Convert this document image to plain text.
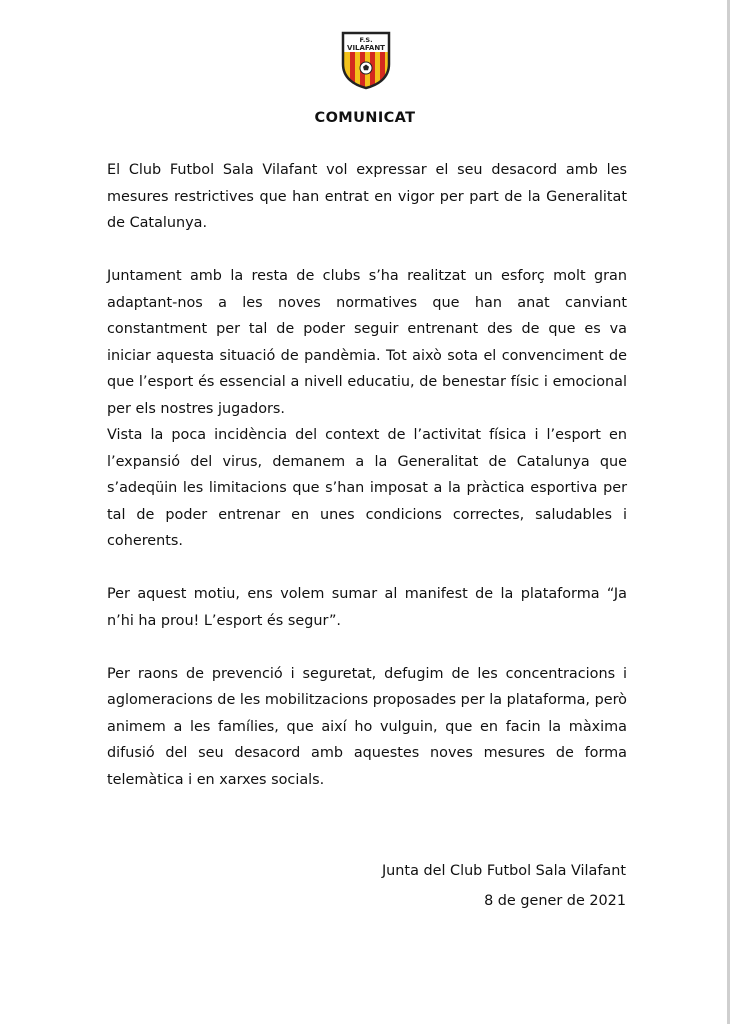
F.S.
VILAFANT
COMUNICAT

El Club Futbol Sala Vilafant vol expressar el seu desacord amb les mesures restrictives que han entrat en vigor per part de la Generalitat de Catalunya.

Juntament amb la resta de clubs s’ha realitzat un esforç molt gran adaptant-nos a les noves normatives que han anat canviant constantment per tal de poder seguir entrenant des de que es va iniciar aquesta situació de pandèmia. Tot això sota el convenciment de que l’esport és essencial a nivell educatiu, de benestar físic i emocional per els nostres jugadors.

Vista la poca incidència del context de l’activitat física i l’esport en l’expansió del virus, demanem a la Generalitat de Catalunya que s’adeqüin les limitacions que s’han imposat a la pràctica esportiva per tal de poder entrenar en unes condicions correctes, saludables i coherents.

Per aquest motiu, ens volem sumar al manifest de la plataforma “Ja n’hi ha prou! L’esport és segur”.

Per raons de prevenció i seguretat, defugim de les concentracions i aglomeracions de les mobilitzacions proposades per la plataforma, però animem a les famílies, que així ho vulguin, que en facin la màxima difusió del seu desacord amb aquestes noves mesures de forma telemàtica i en xarxes socials.

Junta del Club Futbol Sala Vilafant
8 de gener de 2021
